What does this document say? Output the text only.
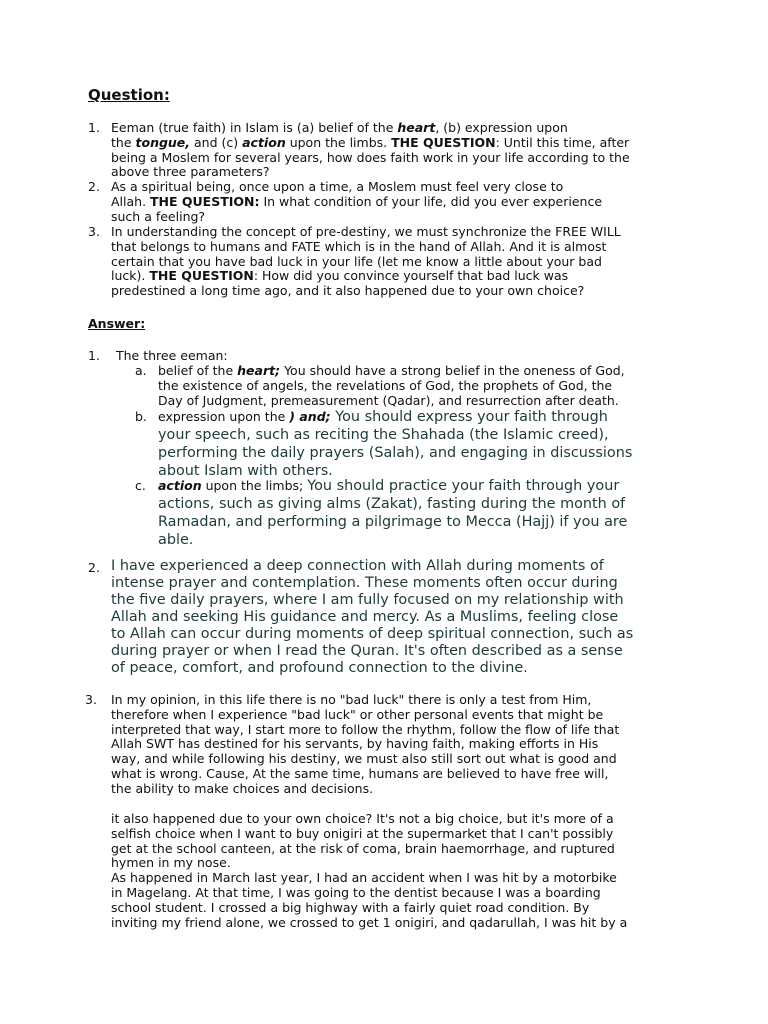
Question:
1. Eeman (true faith) in Islam is (a) belief of the heart, (b) expression upon
the tongue, and (c) action upon the limbs. THE QUESTION: Until this time, after
being a Moslem for several years, how does faith work in your life according to the
above three parameters?
2. As a spiritual being, once upon a time, a Moslem must feel very close to
Allah. THE QUESTION: In what condition of your life, did you ever experience
such a feeling?
3. In understanding the concept of pre-destiny, we must synchronize the FREE WILL
that belongs to humans and FATE which is in the hand of Allah. And it is almost
certain that you have bad luck in your life (let me know a little about your bad
luck). THE QUESTION: How did you convince yourself that bad luck was
predestined a long time ago, and it also happened due to your own choice?
Answer:
1. The three eeman:
a. belief of the heart; You should have a strong belief in the oneness of God,
the existence of angels, the revelations of God, the prophets of God, the
Day of Judgment, premeasurement (Qadar), and resurrection after death.
b. expression upon the ) and; You should express your faith through
your speech, such as reciting the Shahada (the Islamic creed),
performing the daily prayers (Salah), and engaging in discussions
about Islam with others.
c. action upon the limbs; You should practice your faith through your
actions, such as giving alms (Zakat), fasting during the month of
Ramadan, and performing a pilgrimage to Mecca (Hajj) if you are
able.
2. I have experienced a deep connection with Allah during moments of
intense prayer and contemplation. These moments often occur during
the five daily prayers, where I am fully focused on my relationship with
Allah and seeking His guidance and mercy. As a Muslims, feeling close
to Allah can occur during moments of deep spiritual connection, such as
during prayer or when I read the Quran. It's often described as a sense
of peace, comfort, and profound connection to the divine.
3. In my opinion, in this life there is no "bad luck" there is only a test from Him,
therefore when I experience "bad luck" or other personal events that might be
interpreted that way, I start more to follow the rhythm, follow the flow of life that
Allah SWT has destined for his servants, by having faith, making efforts in His
way, and while following his destiny, we must also still sort out what is good and
what is wrong. Cause, At the same time, humans are believed to have free will,
the ability to make choices and decisions.
it also happened due to your own choice? It's not a big choice, but it's more of a
selfish choice when I want to buy onigiri at the supermarket that I can't possibly
get at the school canteen, at the risk of coma, brain haemorrhage, and ruptured
hymen in my nose.
As happened in March last year, I had an accident when I was hit by a motorbike
in Magelang. At that time, I was going to the dentist because I was a boarding
school student. I crossed a big highway with a fairly quiet road condition. By
inviting my friend alone, we crossed to get 1 onigiri, and qadarullah, I was hit by a
